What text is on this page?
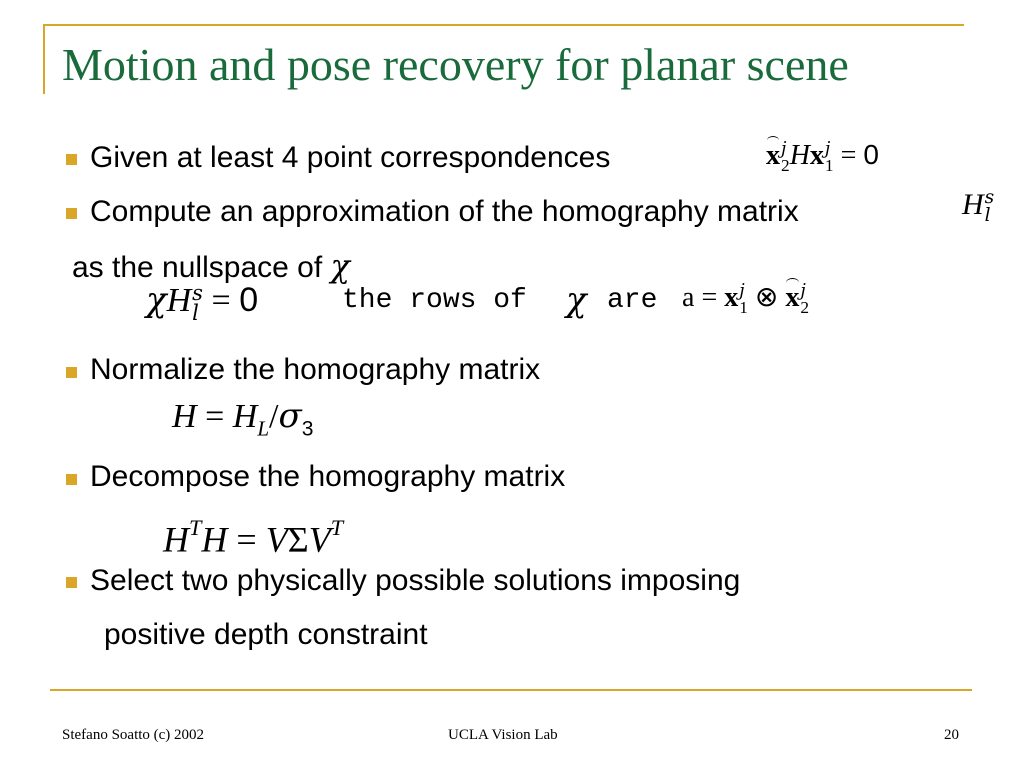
Motion and pose recovery for planar scene
Given at least 4 point correspondences	x j
2 Hx j
1 = 0
Compute an approximation of the homography matrix	H s
l
as the nullspace of χ
χH s
l = 0	the rows of χ are a = x j
1 ⊗ x j
2
Normalize the homography matrix
$H = H_L/\sigma_3$
Decompose the homography matrix
$H^TH = V\Sigma V^T$
Select two physically possible solutions imposing
positive depth constraint
Stefano Soatto (c) 2002	UCLA Vision Lab	20
